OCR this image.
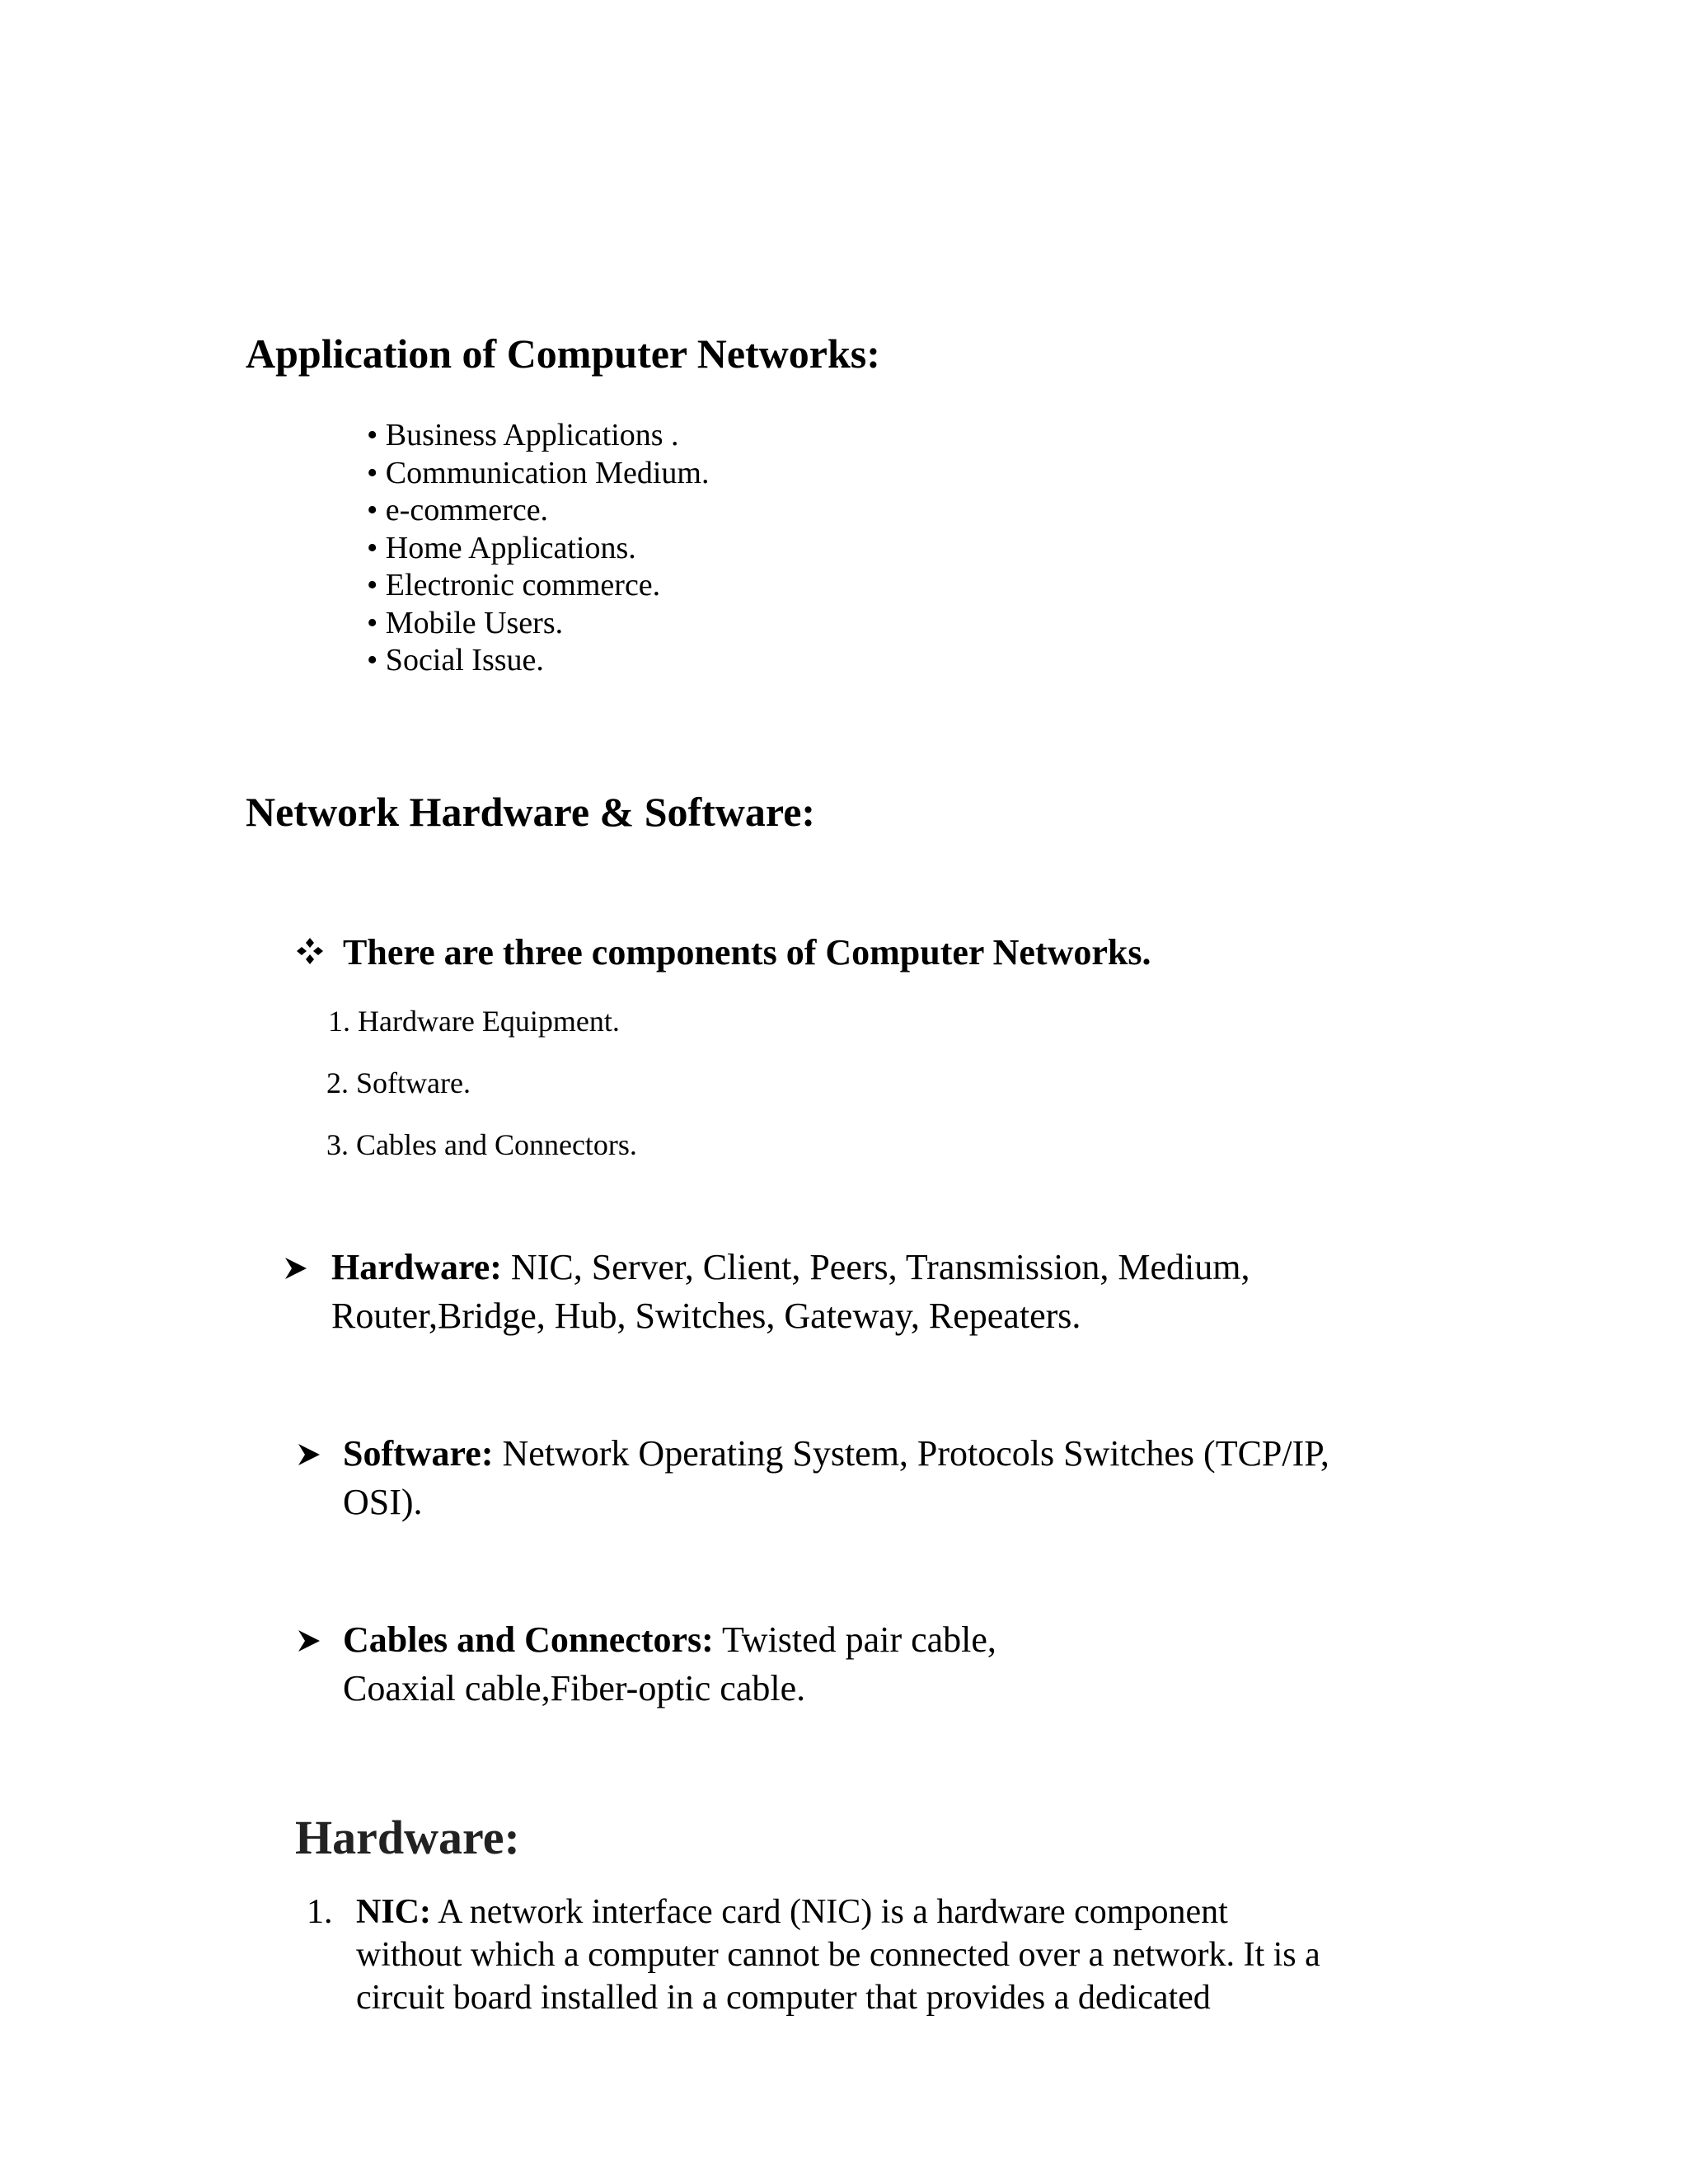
Application of Computer Networks:
• Business Applications .
• Communication Medium.
• e-commerce.
• Home Applications.
• Electronic commerce.
• Mobile Users.
• Social Issue.
Network Hardware & Software:
There are three components of Computer Networks.
1. Hardware Equipment.
2. Software.
3. Cables and Connectors.
Hardware: NIC, Server, Client, Peers, Transmission, Medium,
Router,Bridge, Hub, Switches, Gateway, Repeaters.
Software: Network Operating System, Protocols Switches (TCP/IP,
OSI).
Cables and Connectors: Twisted pair cable,
Coaxial cable,Fiber-optic cable.
Hardware:
1. NIC: A network interface card (NIC) is a hardware component
without which a computer cannot be connected over a network. It is a
circuit board installed in a computer that provides a dedicated
